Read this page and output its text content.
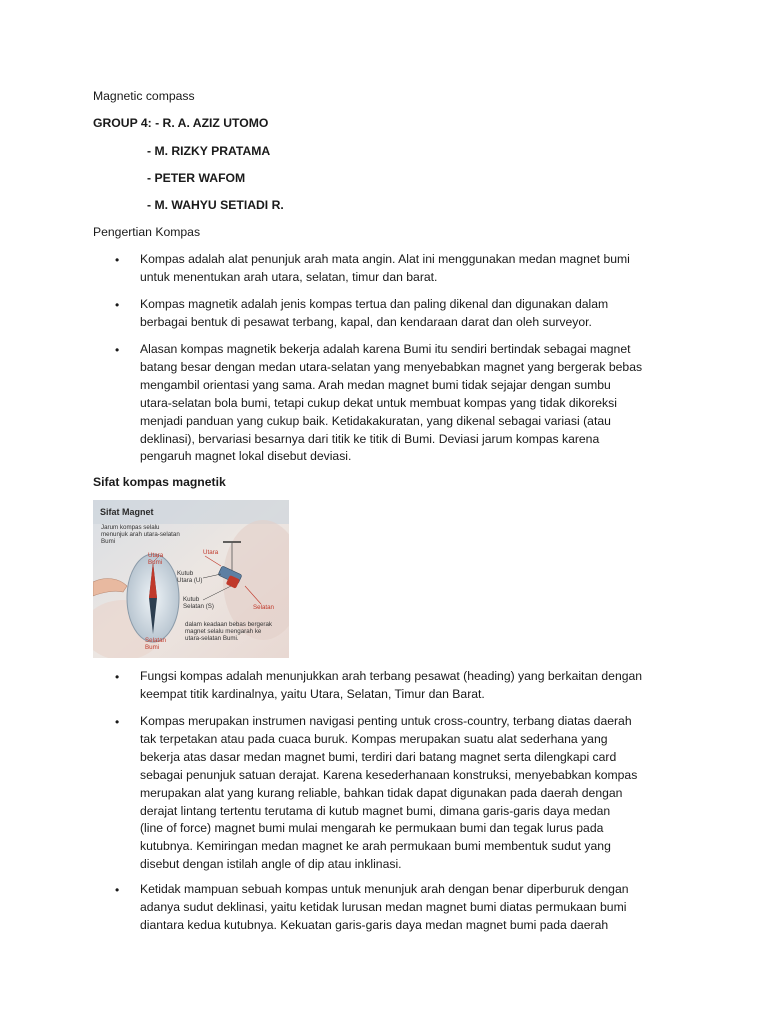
Magnetic compass
GROUP 4: - R. A. AZIZ UTOMO
- M. RIZKY PRATAMA
- PETER WAFOM
- M. WAHYU SETIADI R.
Pengertian Kompas
• Kompas adalah alat penunjuk arah mata angin. Alat ini menggunakan medan magnet bumi

untuk menentukan arah utara, selatan, timur dan barat.

• Kompas magnetik adalah jenis kompas tertua dan paling dikenal dan digunakan dalam

berbagai bentuk di pesawat terbang, kapal, dan kendaraan darat dan oleh surveyor.

• Alasan kompas magnetik bekerja adalah karena Bumi itu sendiri bertindak sebagai magnet

batang besar dengan medan utara-selatan yang menyebabkan magnet yang bergerak bebas

mengambil orientasi yang sama. Arah medan magnet bumi tidak sejajar dengan sumbu

utara-selatan bola bumi, tetapi cukup dekat untuk membuat kompas yang tidak dikoreksi

menjadi panduan yang cukup baik. Ketidakakuratan, yang dikenal sebagai variasi (atau

deklinasi), bervariasi besarnya dari titik ke titik di Bumi. Deviasi jarum kompas karena

pengaruh magnet lokal disebut deviasi.

Sifat kompas magnetik
Sifat Magnet
Jarum kompas selalu
menunjuk arah utara-selatan
Bumi
Utara
Bumi
Utara
Kutub
Utara (U)
Kutub
Selatan (S)	Selatan
Selatan
Bumi
dalam keadaan bebas bergerak
magnet selalu mengarah ke
utara-selatan Bumi.
• Fungsi kompas adalah menunjukkan arah terbang pesawat (heading) yang berkaitan dengan

keempat titik kardinalnya, yaitu Utara, Selatan, Timur dan Barat.

• Kompas merupakan instrumen navigasi penting untuk cross-country, terbang diatas daerah

tak terpetakan atau pada cuaca buruk. Kompas merupakan suatu alat sederhana yang

bekerja atas dasar medan magnet bumi, terdiri dari batang magnet serta dilengkapi card

sebagai penunjuk satuan derajat. Karena kesederhanaan konstruksi, menyebabkan kompas

merupakan alat yang kurang reliable, bahkan tidak dapat digunakan pada daerah dengan

derajat lintang tertentu terutama di kutub magnet bumi, dimana garis-garis daya medan

(line of force) magnet bumi mulai mengarah ke permukaan bumi dan tegak lurus pada

kutubnya. Kemiringan medan magnet ke arah permukaan bumi membentuk sudut yang

disebut dengan istilah angle of dip atau inklinasi.

• Ketidak mampuan sebuah kompas untuk menunjuk arah dengan benar diperburuk dengan

adanya sudut deklinasi, yaitu ketidak lurusan medan magnet bumi diatas permukaan bumi

diantara kedua kutubnya. Kekuatan garis-garis daya medan magnet bumi pada daerah
